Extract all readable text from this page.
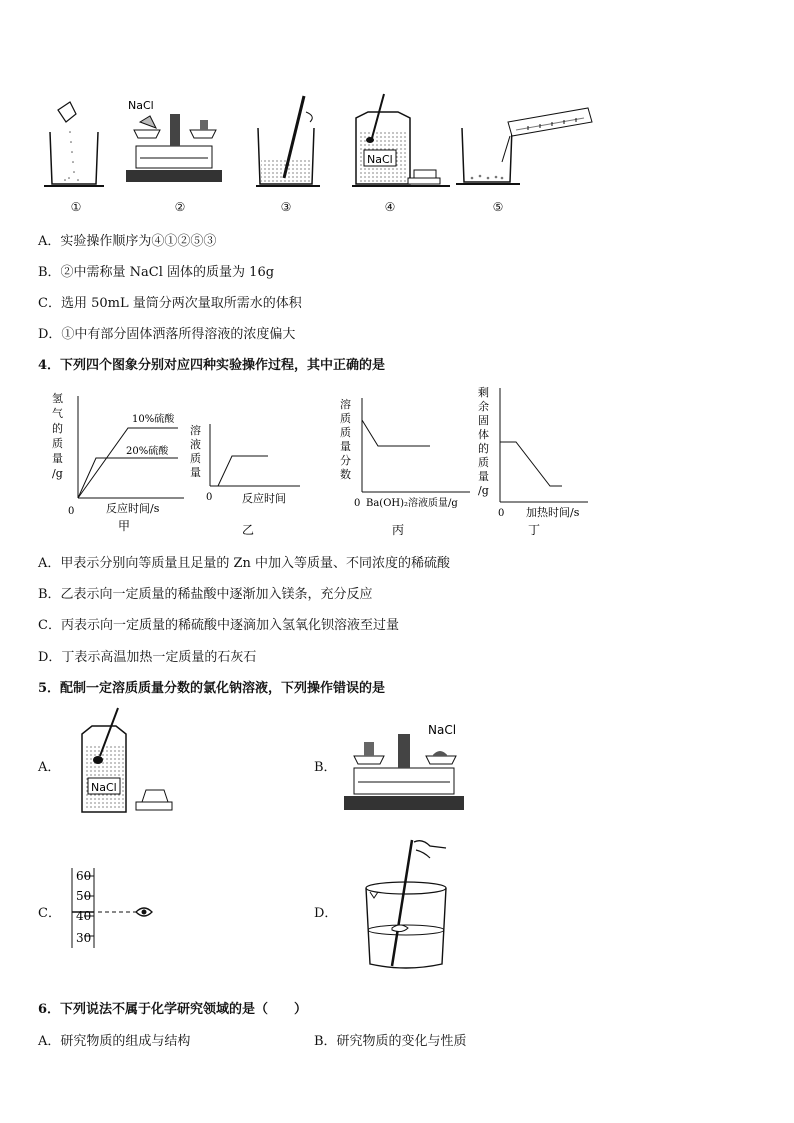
NaCl
NaCl
①	②	③	④	⑤
A．实验操作顺序为④①②⑤③
B．②中需称量 NaCl 固体的质量为 16g
C．选用 50mL 量筒分两次量取所需水的体积
D．①中有部分固体洒落所得溶液的浓度偏大
4．下列四个图象分别对应四种实验操作过程，其中正确的是
氢
气
的
质
量
/g
10%硫酸
20%硫酸
0	反应时间/s
甲
溶
液
质
量
0	反应时间
乙
溶
质
质
量
分
数
0 Ba(OH)₂溶液质量/g
丙
剩
余
固
体
的
质
量
/g
0 加热时间/s
丁
A．甲表示分别向等质量且足量的 Zn 中加入等质量、不同浓度的稀硫酸
B．乙表示向一定质量的稀盐酸中逐渐加入镁条，充分反应
C．丙表示向一定质量的稀硫酸中逐滴加入氢氧化钡溶液至过量
D．丁表示高温加热一定质量的石灰石
5．配制一定溶质质量分数的氯化钠溶液，下列操作错误的是
A．
NaCl
B．
NaCl
C．
60
50
40
30
D．
6．下列说法不属于化学研究领域的是（　　）
A．研究物质的组成与结构	B．研究物质的变化与性质
